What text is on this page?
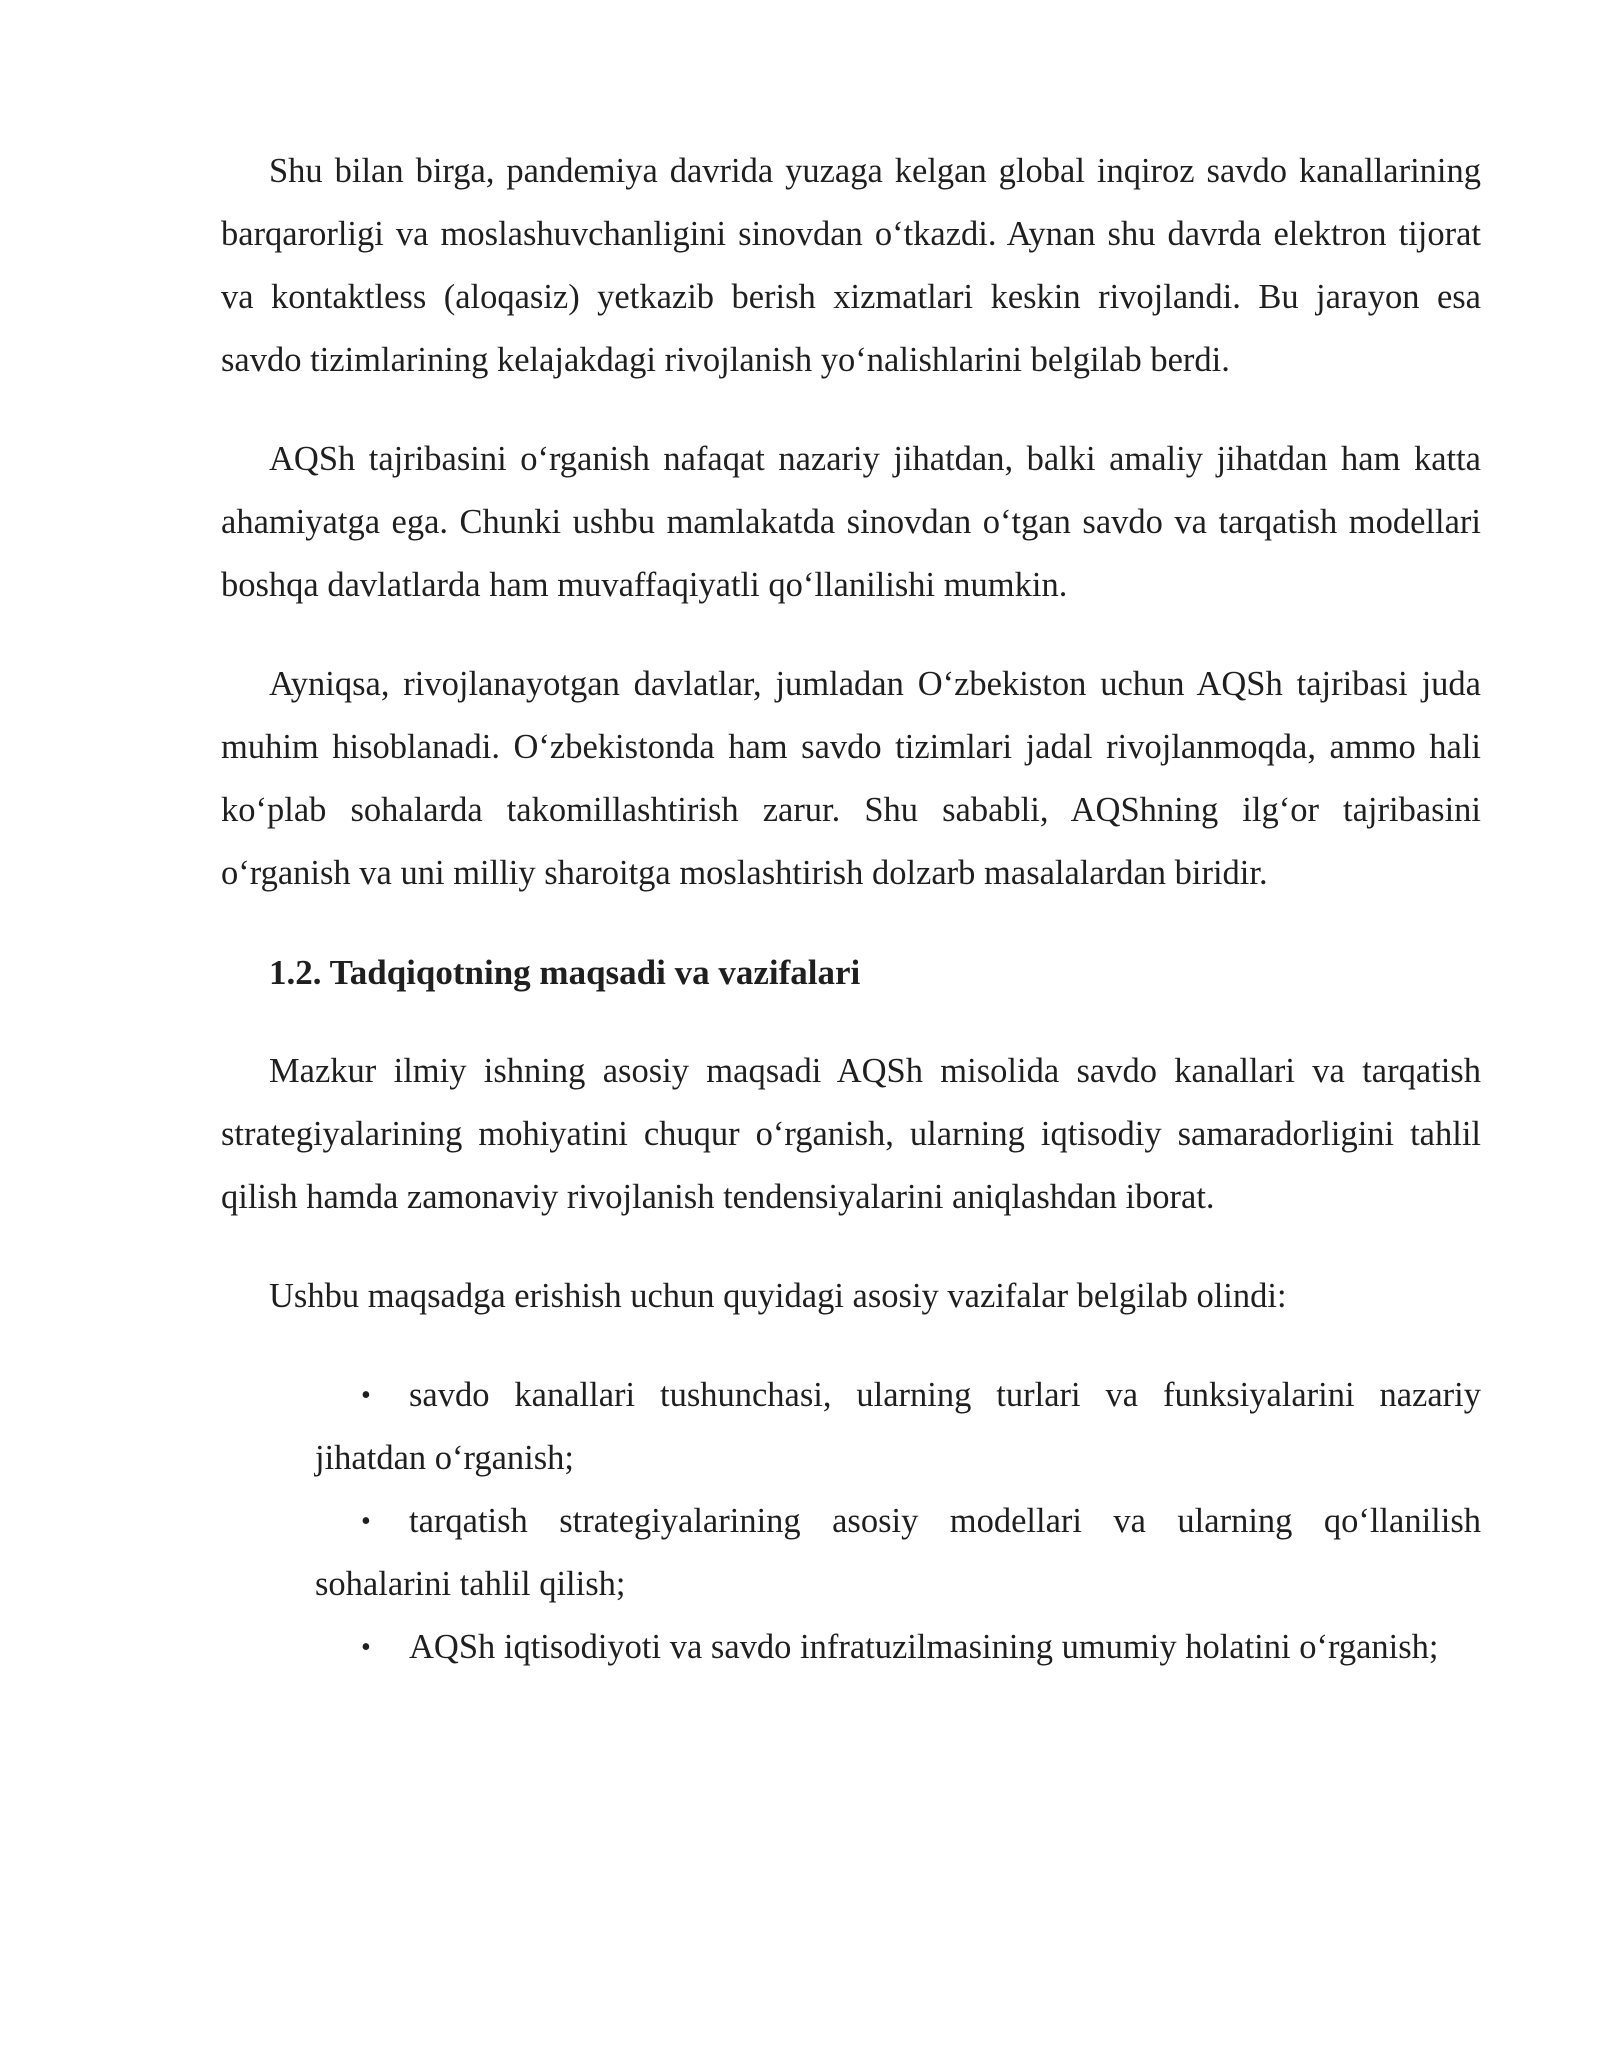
Shu bilan birga, pandemiya davrida yuzaga kelgan global inqiroz savdo kanallarining barqarorligi va moslashuvchanligini sinovdan o‘tkazdi. Aynan shu davrda elektron tijorat va kontaktless (aloqasiz) yetkazib berish xizmatlari keskin rivojlandi. Bu jarayon esa savdo tizimlarining kelajakdagi rivojlanish yo‘nalishlarini belgilab berdi.

AQSh tajribasini o‘rganish nafaqat nazariy jihatdan, balki amaliy jihatdan ham katta ahamiyatga ega. Chunki ushbu mamlakatda sinovdan o‘tgan savdo va tarqatish modellari boshqa davlatlarda ham muvaffaqiyatli qo‘llanilishi mumkin.

Ayniqsa, rivojlanayotgan davlatlar, jumladan O‘zbekiston uchun AQSh tajribasi juda muhim hisoblanadi. O‘zbekistonda ham savdo tizimlari jadal rivojlanmoqda, ammo hali ko‘plab sohalarda takomillashtirish zarur. Shu sababli, AQShning ilg‘or tajribasini o‘rganish va uni milliy sharoitga moslashtirish dolzarb masalalardan biridir.

1.2. Tadqiqotning maqsadi va vazifalari

Mazkur ilmiy ishning asosiy maqsadi AQSh misolida savdo kanallari va tarqatish strategiyalarining mohiyatini chuqur o‘rganish, ularning iqtisodiy samaradorligini tahlil qilish hamda zamonaviy rivojlanish tendensiyalarini aniqlashdan iborat.

Ushbu maqsadga erishish uchun quyidagi asosiy vazifalar belgilab olindi:

• savdo kanallari tushunchasi, ularning turlari va funksiyalarini nazariy jihatdan o‘rganish;
• tarqatish strategiyalarining asosiy modellari va ularning qo‘llanilish sohalarini tahlil qilish;
• AQSh iqtisodiyoti va savdo infratuzilmasining umumiy holatini o‘rganish;
